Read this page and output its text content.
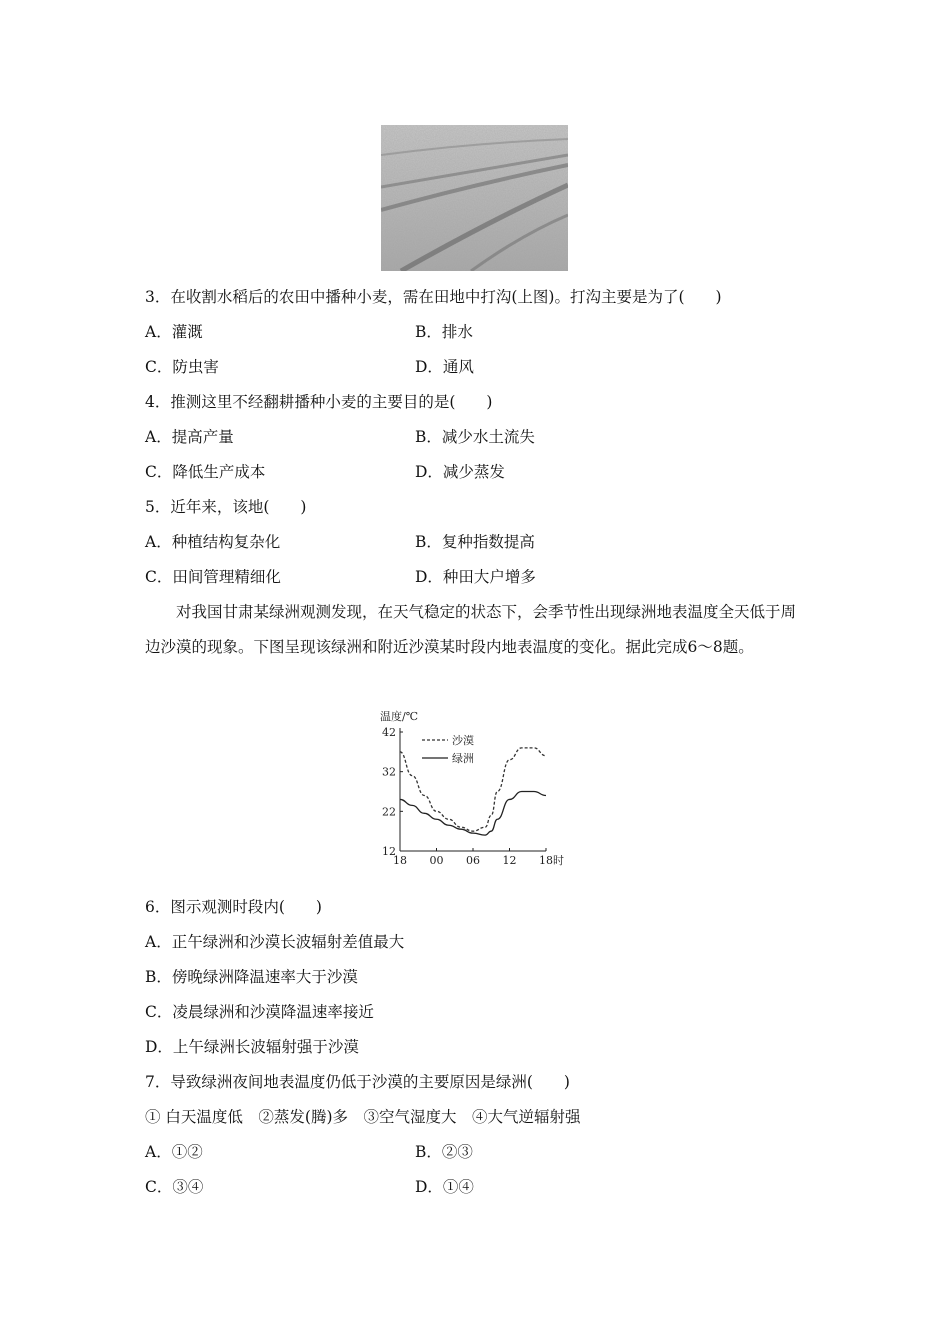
3．在收割水稻后的农田中播种小麦，需在田地中打沟(上图)。打沟主要是为了(　　)
A．灌溉	B．排水
C．防虫害	D．通风
4．推测这里不经翻耕播种小麦的主要目的是(　　)
A．提高产量	B．减少水土流失
C．降低生产成本	D．减少蒸发
5．近年来，该地(　　)
A．种植结构复杂化	B．复种指数提高
C．田间管理精细化	D．种田大户增多
对我国甘肃某绿洲观测发现，在天气稳定的状态下，会季节性出现绿洲地表温度全天低于周边沙漠的现象。下图呈现该绿洲和附近沙漠某时段内地表温度的变化。据此完成6～8题。
温度/℃
12
22
32
42
18 00 06 12 18 时
沙漠
绿洲
6．图示观测时段内(　　)
A．正午绿洲和沙漠长波辐射差值最大
B．傍晚绿洲降温速率大于沙漠
C．凌晨绿洲和沙漠降温速率接近
D．上午绿洲长波辐射强于沙漠
7．导致绿洲夜间地表温度仍低于沙漠的主要原因是绿洲(　　)
① 白天温度低　②蒸发(腾)多　③空气湿度大　④大气逆辐射强
A．①②	B．②③
C．③④	D．①④
